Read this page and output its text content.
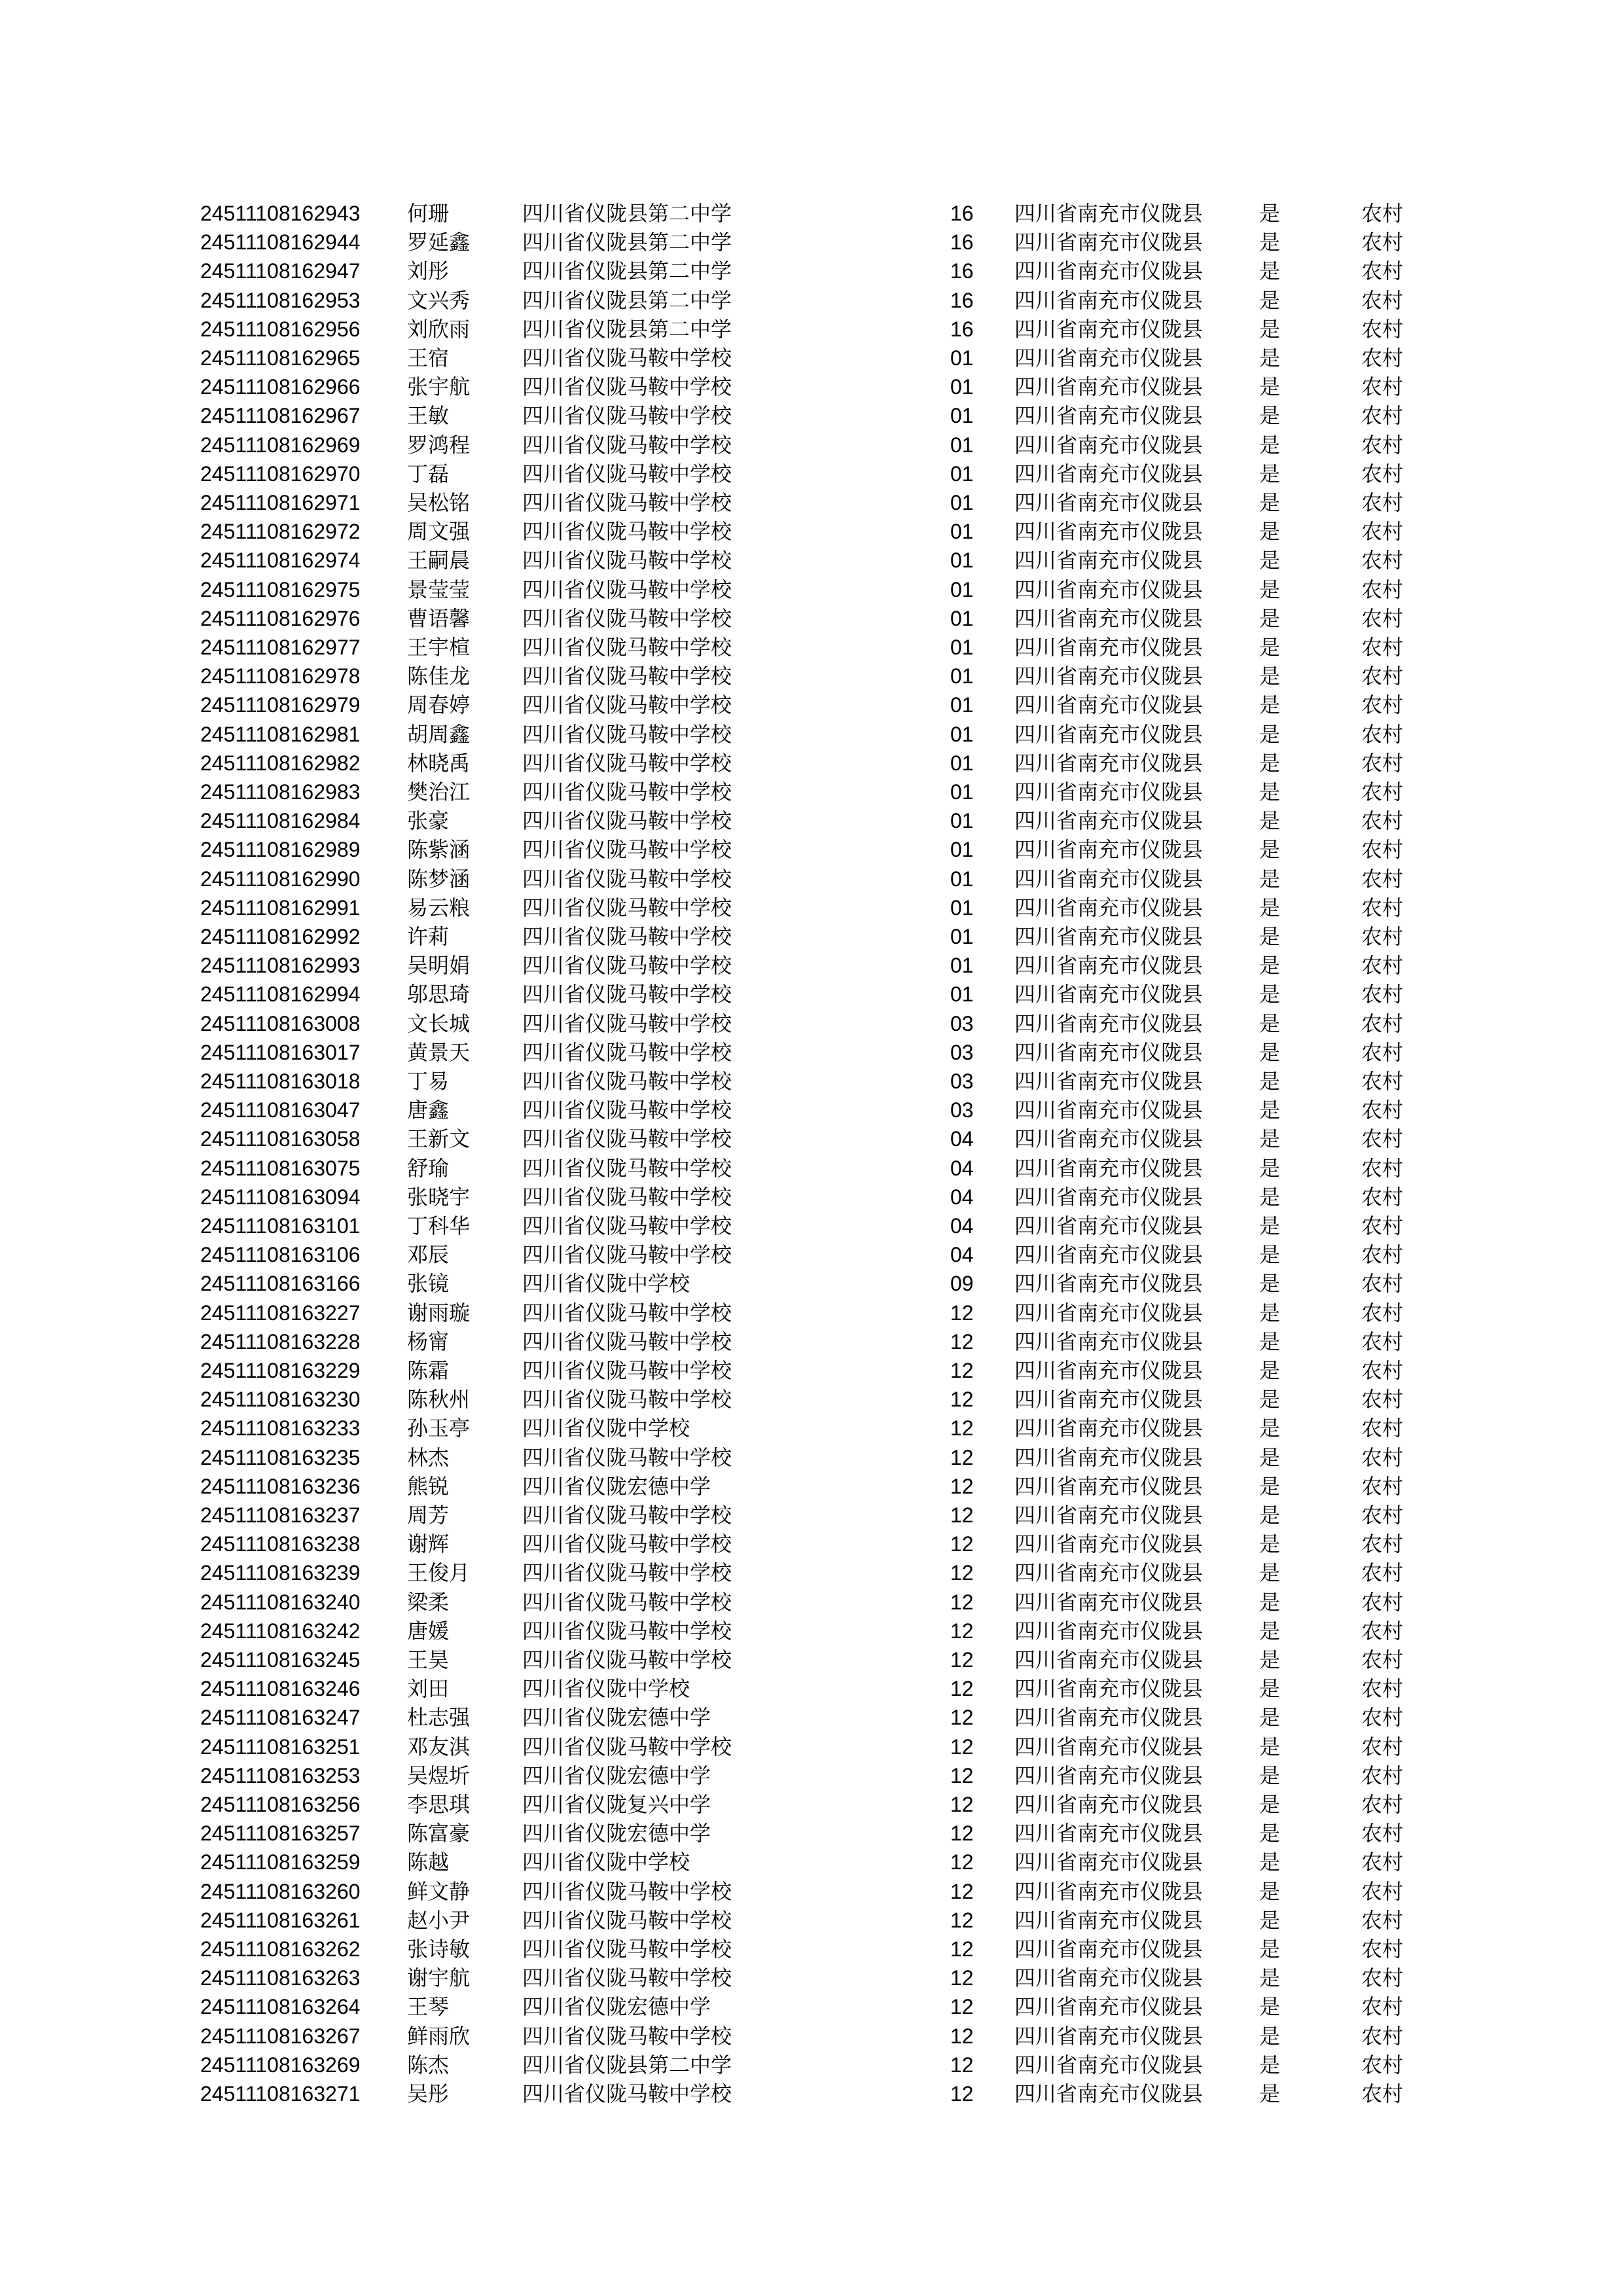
24511108162943 何珊	四川省仪陇县第二中学	16 四川省南充市仪陇县	是	农村
24511108162944 罗延鑫 四川省仪陇县第二中学	16 四川省南充市仪陇县	是	农村
24511108162947 刘彤	四川省仪陇县第二中学	16 四川省南充市仪陇县	是	农村
24511108162953 文兴秀 四川省仪陇县第二中学	16 四川省南充市仪陇县	是	农村
24511108162956 刘欣雨 四川省仪陇县第二中学	16 四川省南充市仪陇县	是	农村
24511108162965 王宿	四川省仪陇马鞍中学校	01 四川省南充市仪陇县	是	农村
24511108162966 张宇航 四川省仪陇马鞍中学校	01 四川省南充市仪陇县	是	农村
24511108162967 王敏	四川省仪陇马鞍中学校	01 四川省南充市仪陇县	是	农村
24511108162969 罗鸿程 四川省仪陇马鞍中学校	01 四川省南充市仪陇县	是	农村
24511108162970 丁磊	四川省仪陇马鞍中学校	01 四川省南充市仪陇县	是	农村
24511108162971 吴松铭 四川省仪陇马鞍中学校	01 四川省南充市仪陇县	是	农村
24511108162972 周文强 四川省仪陇马鞍中学校	01 四川省南充市仪陇县	是	农村
24511108162974 王嗣晨 四川省仪陇马鞍中学校	01 四川省南充市仪陇县	是	农村
24511108162975 景莹莹 四川省仪陇马鞍中学校	01 四川省南充市仪陇县	是	农村
24511108162976 曹语馨 四川省仪陇马鞍中学校	01 四川省南充市仪陇县	是	农村
24511108162977 王宇楦 四川省仪陇马鞍中学校	01 四川省南充市仪陇县	是	农村
24511108162978 陈佳龙 四川省仪陇马鞍中学校	01 四川省南充市仪陇县	是	农村
24511108162979 周春婷 四川省仪陇马鞍中学校	01 四川省南充市仪陇县	是	农村
24511108162981 胡周鑫 四川省仪陇马鞍中学校	01 四川省南充市仪陇县	是	农村
24511108162982 林晓禹 四川省仪陇马鞍中学校	01 四川省南充市仪陇县	是	农村
24511108162983 樊治江 四川省仪陇马鞍中学校	01 四川省南充市仪陇县	是	农村
24511108162984 张豪	四川省仪陇马鞍中学校	01 四川省南充市仪陇县	是	农村
24511108162989 陈紫涵 四川省仪陇马鞍中学校	01 四川省南充市仪陇县	是	农村
24511108162990 陈梦涵 四川省仪陇马鞍中学校	01 四川省南充市仪陇县	是	农村
24511108162991 易云粮 四川省仪陇马鞍中学校	01 四川省南充市仪陇县	是	农村
24511108162992 许莉	四川省仪陇马鞍中学校	01 四川省南充市仪陇县	是	农村
24511108162993 吴明娟 四川省仪陇马鞍中学校	01 四川省南充市仪陇县	是	农村
24511108162994 邬思琦 四川省仪陇马鞍中学校	01 四川省南充市仪陇县	是	农村
24511108163008 文长城 四川省仪陇马鞍中学校	03 四川省南充市仪陇县	是	农村
24511108163017 黄景天 四川省仪陇马鞍中学校	03 四川省南充市仪陇县	是	农村
24511108163018 丁易	四川省仪陇马鞍中学校	03 四川省南充市仪陇县	是	农村
24511108163047 唐鑫	四川省仪陇马鞍中学校	03 四川省南充市仪陇县	是	农村
24511108163058 王新文 四川省仪陇马鞍中学校	04 四川省南充市仪陇县	是	农村
24511108163075 舒瑜	四川省仪陇马鞍中学校	04 四川省南充市仪陇县	是	农村
24511108163094 张晓宇 四川省仪陇马鞍中学校	04 四川省南充市仪陇县	是	农村
24511108163101 丁科华 四川省仪陇马鞍中学校	04 四川省南充市仪陇县	是	农村
24511108163106 邓辰	四川省仪陇马鞍中学校	04 四川省南充市仪陇县	是	农村
24511108163166 张镜	四川省仪陇中学校	09 四川省南充市仪陇县	是	农村
24511108163227 谢雨璇 四川省仪陇马鞍中学校	12 四川省南充市仪陇县	是	农村
24511108163228 杨甯	四川省仪陇马鞍中学校	12 四川省南充市仪陇县	是	农村
24511108163229 陈霜	四川省仪陇马鞍中学校	12 四川省南充市仪陇县	是	农村
24511108163230 陈秋州 四川省仪陇马鞍中学校	12 四川省南充市仪陇县	是	农村
24511108163233 孙玉亭 四川省仪陇中学校	12 四川省南充市仪陇县	是	农村
24511108163235 林杰	四川省仪陇马鞍中学校	12 四川省南充市仪陇县	是	农村
24511108163236 熊锐	四川省仪陇宏德中学	12 四川省南充市仪陇县	是	农村
24511108163237 周芳	四川省仪陇马鞍中学校	12 四川省南充市仪陇县	是	农村
24511108163238 谢辉	四川省仪陇马鞍中学校	12 四川省南充市仪陇县	是	农村
24511108163239 王俊月 四川省仪陇马鞍中学校	12 四川省南充市仪陇县	是	农村
24511108163240 梁柔	四川省仪陇马鞍中学校	12 四川省南充市仪陇县	是	农村
24511108163242 唐媛	四川省仪陇马鞍中学校	12 四川省南充市仪陇县	是	农村
24511108163245 王昊	四川省仪陇马鞍中学校	12 四川省南充市仪陇县	是	农村
24511108163246 刘田	四川省仪陇中学校	12 四川省南充市仪陇县	是	农村
24511108163247 杜志强 四川省仪陇宏德中学	12 四川省南充市仪陇县	是	农村
24511108163251 邓友淇 四川省仪陇马鞍中学校	12 四川省南充市仪陇县	是	农村
24511108163253 吴煜圻 四川省仪陇宏德中学	12 四川省南充市仪陇县	是	农村
24511108163256 李思琪 四川省仪陇复兴中学	12 四川省南充市仪陇县	是	农村
24511108163257 陈富豪 四川省仪陇宏德中学	12 四川省南充市仪陇县	是	农村
24511108163259 陈越	四川省仪陇中学校	12 四川省南充市仪陇县	是	农村
24511108163260 鲜文静 四川省仪陇马鞍中学校	12 四川省南充市仪陇县	是	农村
24511108163261 赵小尹 四川省仪陇马鞍中学校	12 四川省南充市仪陇县	是	农村
24511108163262 张诗敏 四川省仪陇马鞍中学校	12 四川省南充市仪陇县	是	农村
24511108163263 谢宇航 四川省仪陇马鞍中学校	12 四川省南充市仪陇县	是	农村
24511108163264 王琴	四川省仪陇宏德中学	12 四川省南充市仪陇县	是	农村
24511108163267 鲜雨欣 四川省仪陇马鞍中学校	12 四川省南充市仪陇县	是	农村
24511108163269 陈杰	四川省仪陇县第二中学	12 四川省南充市仪陇县	是	农村
24511108163271 吴彤	四川省仪陇马鞍中学校	12 四川省南充市仪陇县	是	农村
